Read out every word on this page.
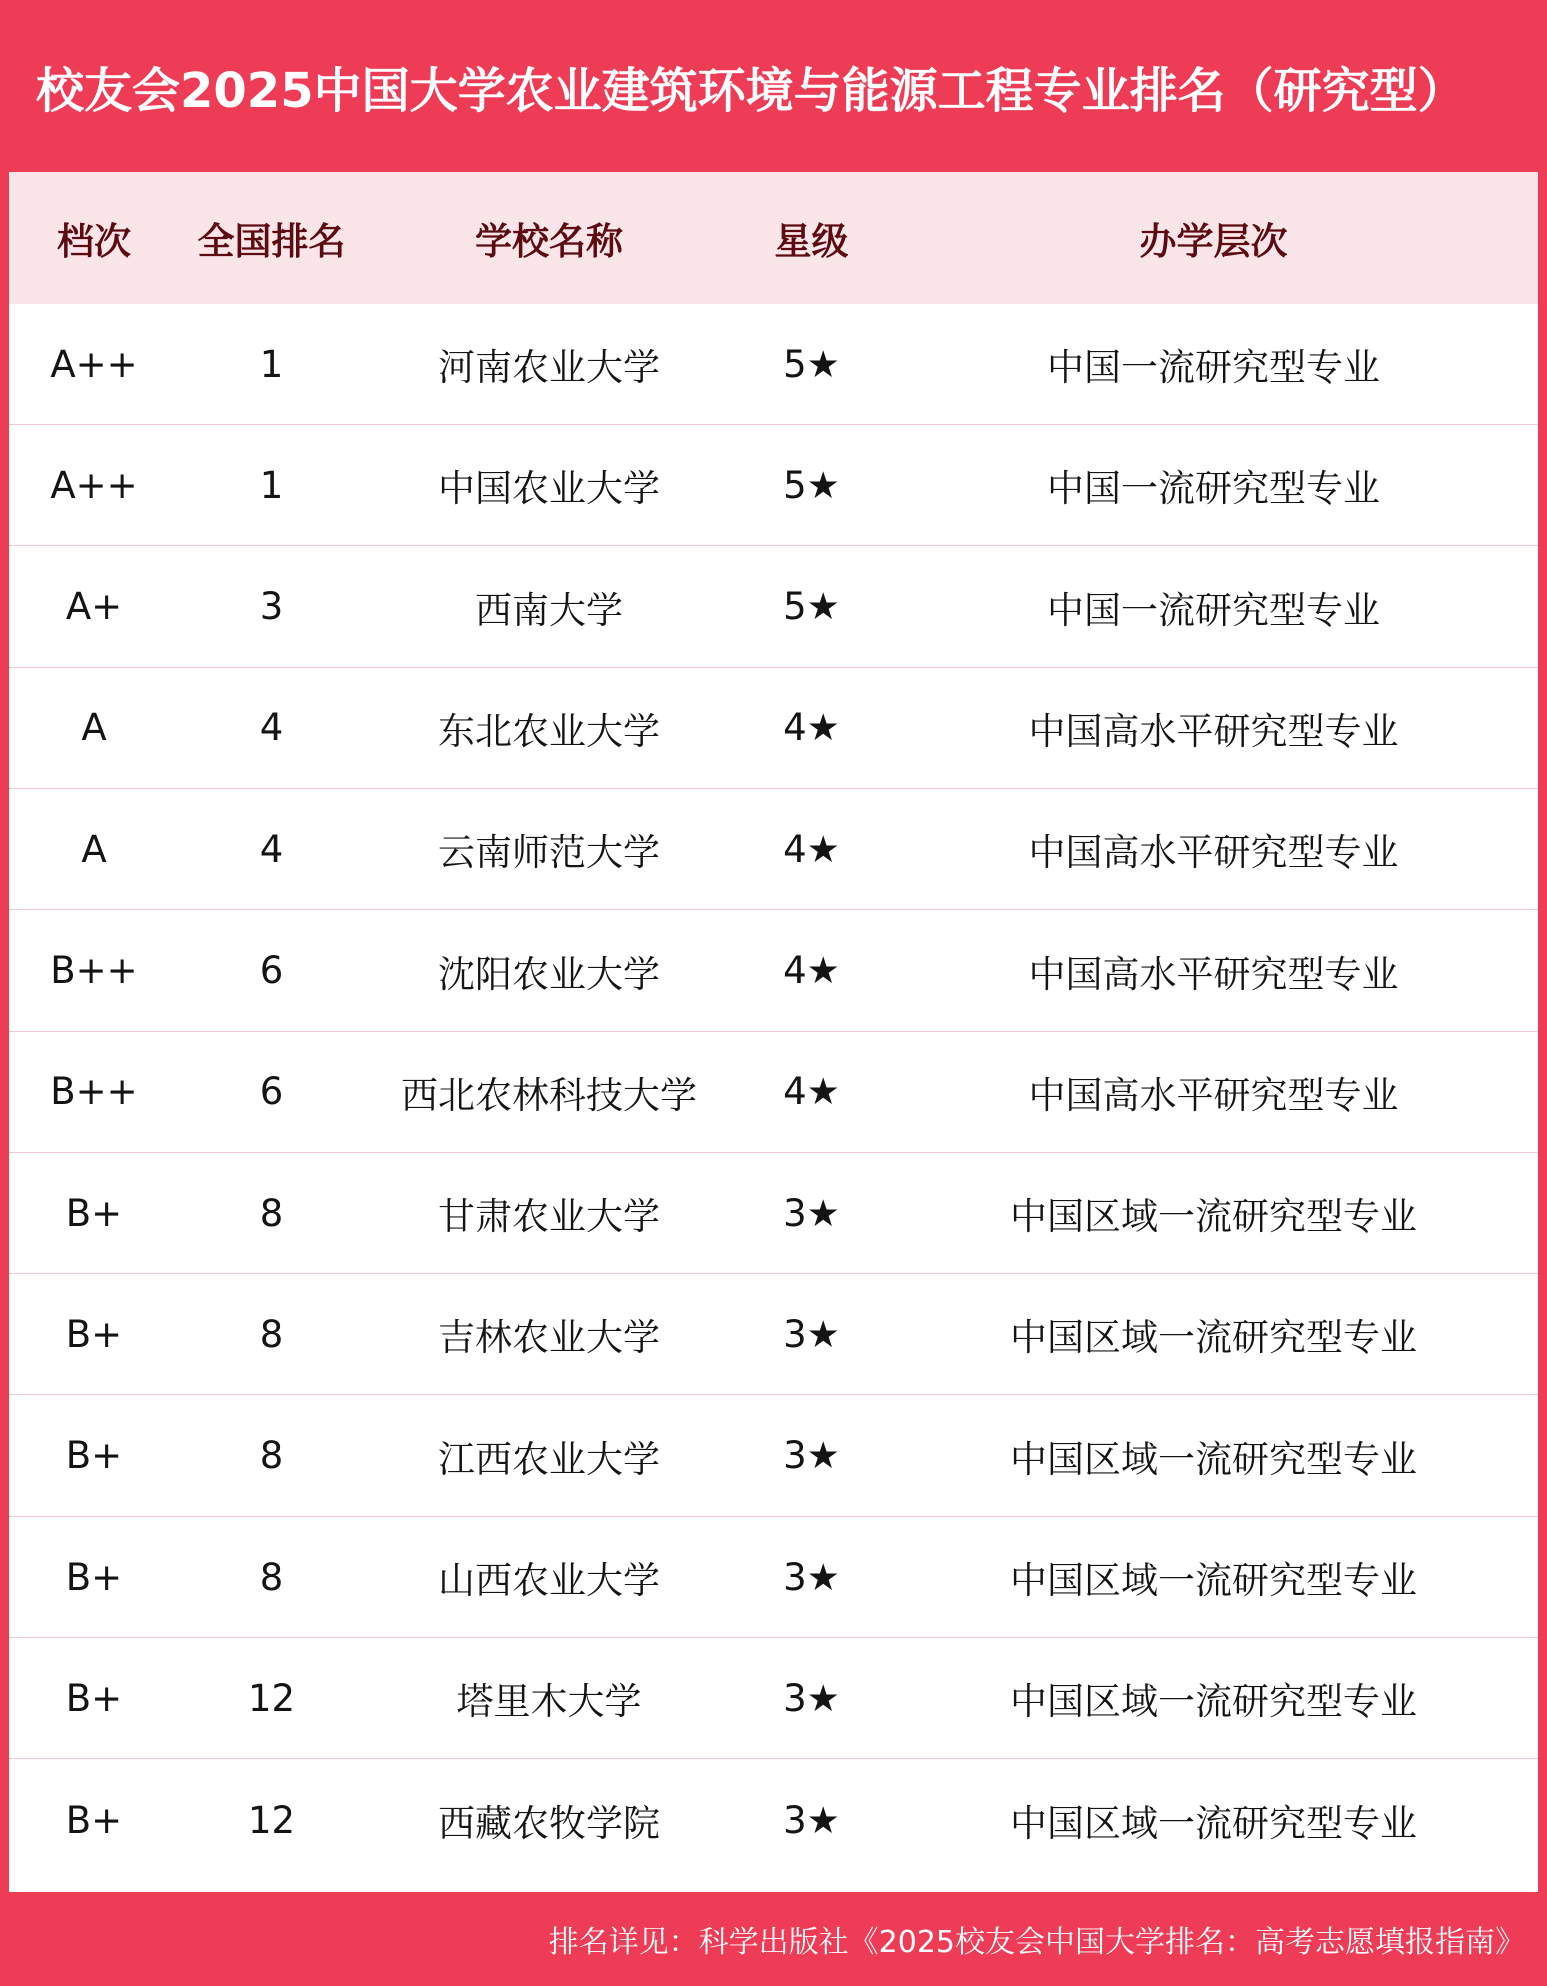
校友会2025中国大学农业建筑环境与能源工程专业排名（研究型）
档次	全国排名	学校名称	星级	办学层次
A++	1	河南农业大学	5★	中国一流研究型专业
A++	1	中国农业大学	5★	中国一流研究型专业
A+	3	西南大学	5★	中国一流研究型专业
A	4	东北农业大学	4★	中国高水平研究型专业
A	4	云南师范大学	4★	中国高水平研究型专业
B++	6	沈阳农业大学	4★	中国高水平研究型专业
B++	6	西北农林科技大学	4★	中国高水平研究型专业
B+	8	甘肃农业大学	3★	中国区域一流研究型专业
B+	8	吉林农业大学	3★	中国区域一流研究型专业
B+	8	江西农业大学	3★	中国区域一流研究型专业
B+	8	山西农业大学	3★	中国区域一流研究型专业
B+	12	塔里木大学	3★	中国区域一流研究型专业
B+	12	西藏农牧学院	3★	中国区域一流研究型专业
排名详见：科学出版社《2025校友会中国大学排名：高考志愿填报指南》
